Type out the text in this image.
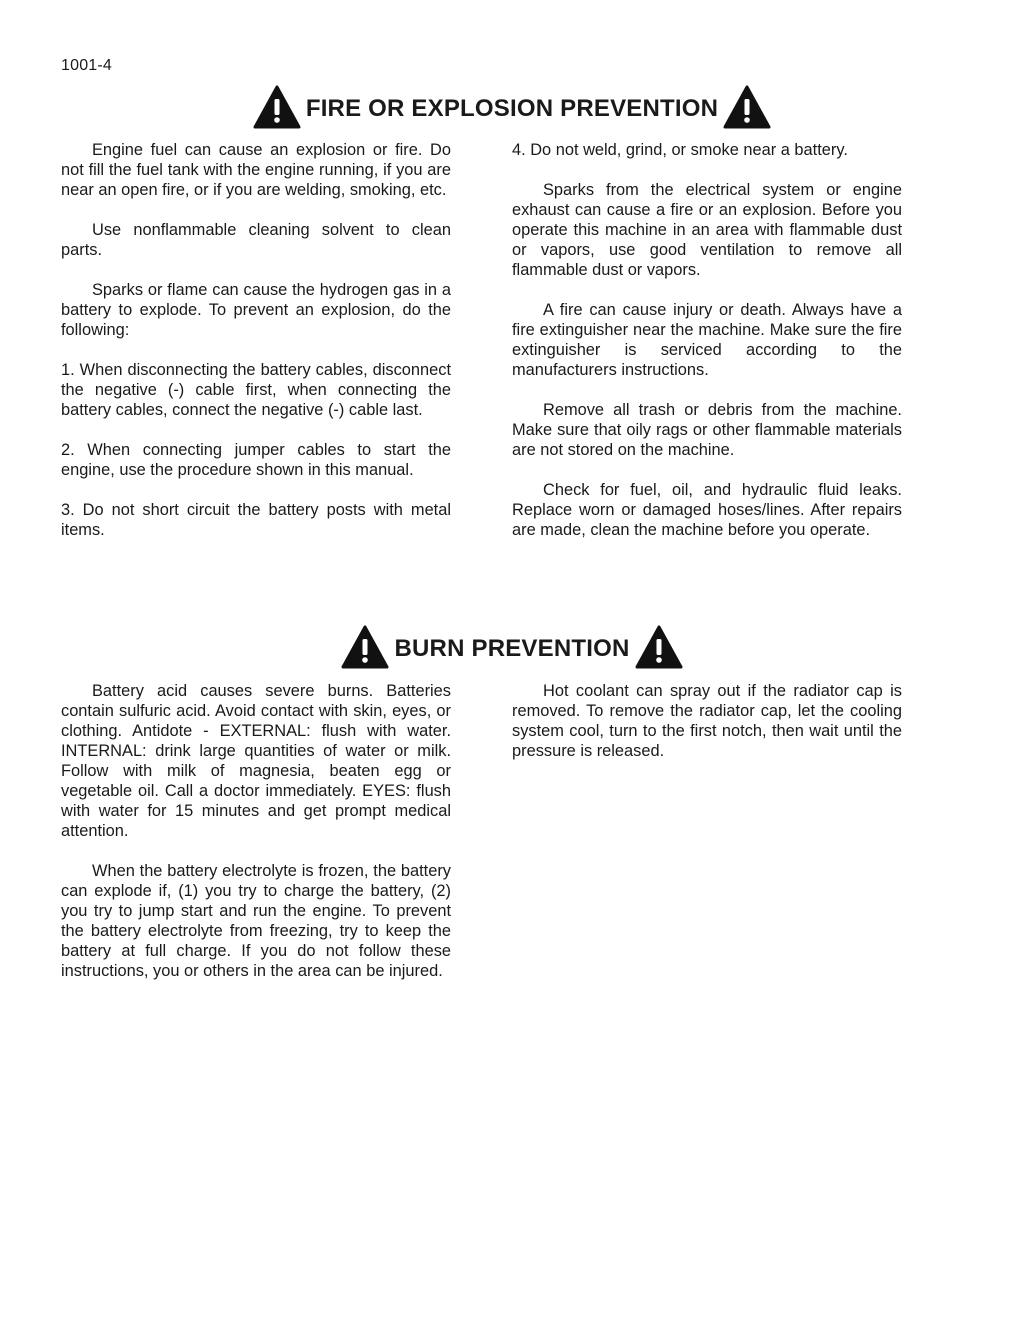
1001-4
FIRE OR EXPLOSION PREVENTION

Engine fuel can cause an explosion or fire. Do not fill the fuel tank with the engine running, if you are near an open fire, or if you are welding, smoking, etc.

Use nonflammable cleaning solvent to clean parts.

Sparks or flame can cause the hydrogen gas in a battery to explode. To prevent an explosion, do the following:

1. When disconnecting the battery cables, disconnect the negative (-) cable first, when connecting the battery cables, connect the negative (-) cable last.

2. When connecting jumper cables to start the engine, use the procedure shown in this manual.

3. Do not short circuit the battery posts with metal items.

4. Do not weld, grind, or smoke near a battery.

Sparks from the electrical system or engine exhaust can cause a fire or an explosion. Before you operate this machine in an area with flammable dust or vapors, use good ventilation to remove all flammable dust or vapors.

A fire can cause injury or death. Always have a fire extinguisher near the machine. Make sure the fire extinguisher is serviced according to the manufacturers instructions.

Remove all trash or debris from the machine. Make sure that oily rags or other flammable materials are not stored on the machine.

Check for fuel, oil, and hydraulic fluid leaks. Replace worn or damaged hoses/lines. After repairs are made, clean the machine before you operate.

BURN PREVENTION

Battery acid causes severe burns. Batteries contain sulfuric acid. Avoid contact with skin, eyes, or clothing. Antidote - EXTERNAL: flush with water. INTERNAL: drink large quantities of water or milk. Follow with milk of magnesia, beaten egg or vegetable oil. Call a doctor immediately. EYES: flush with water for 15 minutes and get prompt medical attention.

When the battery electrolyte is frozen, the battery can explode if, (1) you try to charge the battery, (2) you try to jump start and run the engine. To prevent the battery electrolyte from freezing, try to keep the battery at full charge. If you do not follow these instructions, you or others in the area can be injured.

Hot coolant can spray out if the radiator cap is removed. To remove the radiator cap, let the cooling system cool, turn to the first notch, then wait until the pressure is released.
